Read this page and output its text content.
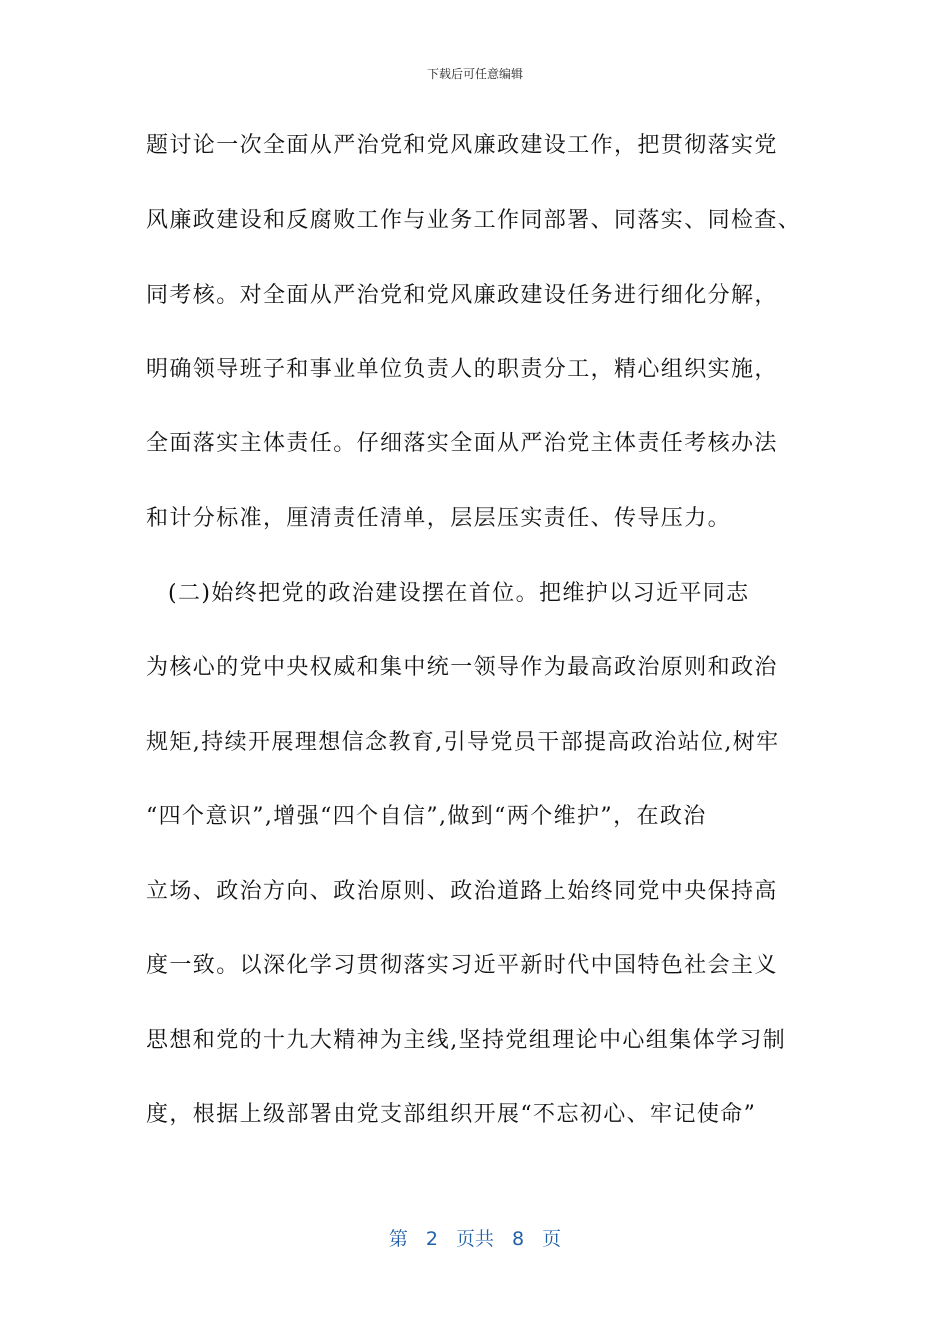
下载后可任意编辑
题讨论一次全面从严治党和党风廉政建设工作，把贯彻落实党
风廉政建设和反腐败工作与业务工作同部署、同落实、同检查、
同考核。对全面从严治党和党风廉政建设任务进行细化分解，
明确领导班子和事业单位负责人的职责分工，精心组织实施，
全面落实主体责任。仔细落实全面从严治党主体责任考核办法
和计分标准，厘清责任清单，层层压实责任、传导压力。
(二)始终把党的政治建设摆在首位。把维护以习近平同志
为核心的党中央权威和集中统一领导作为最高政治原则和政治
规矩,持续开展理想信念教育,引导党员干部提高政治站位,树牢
“四个意识”,增强“四个自信”,做到“两个维护”，在政治
立场、政治方向、政治原则、政治道路上始终同党中央保持高
度一致。以深化学习贯彻落实习近平新时代中国特色社会主义
思想和党的十九大精神为主线,坚持党组理论中心组集体学习制
度，根据上级部署由党支部组织开展“不忘初心、牢记使命”
第 2 页共 8 页
